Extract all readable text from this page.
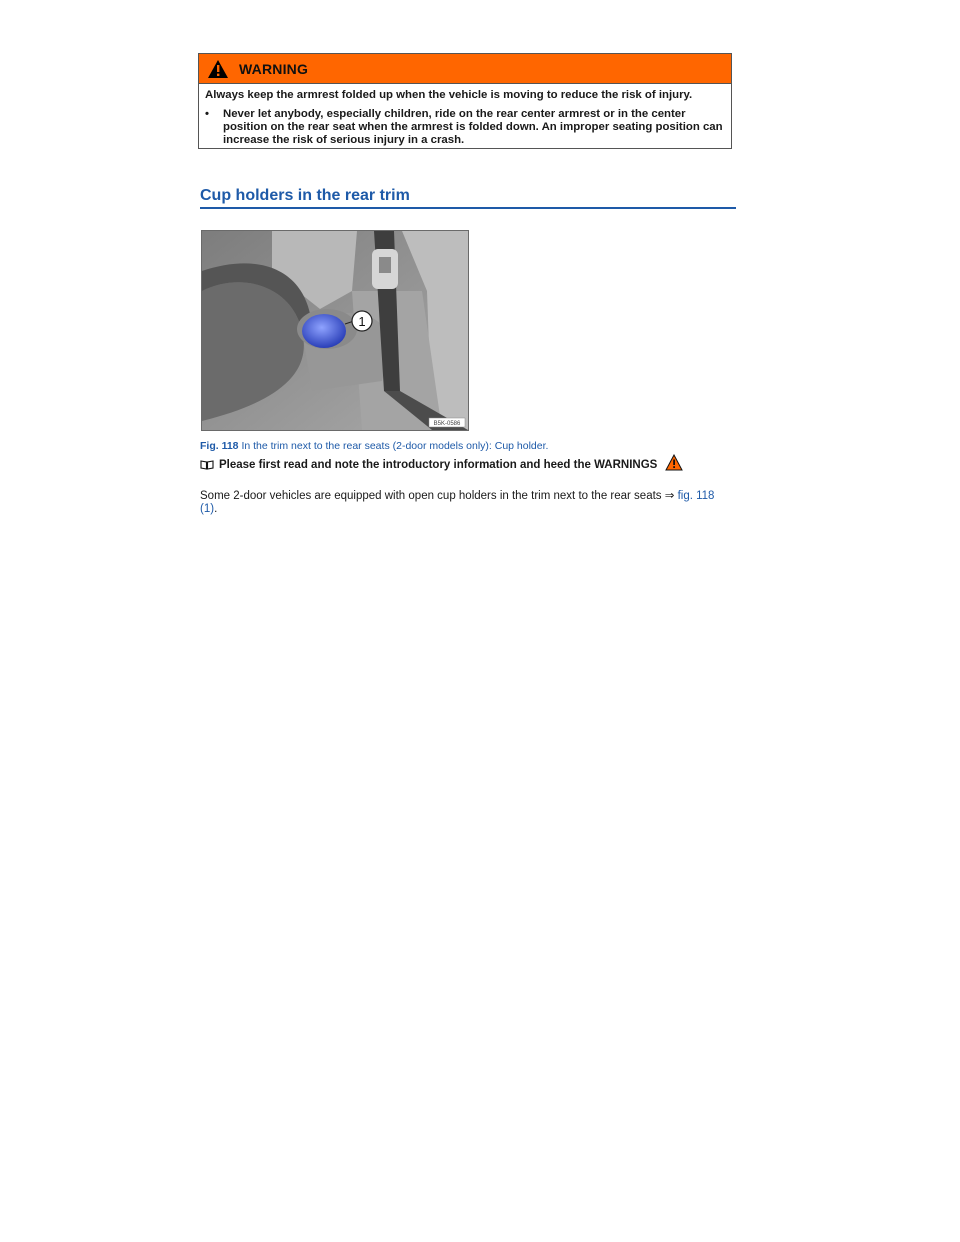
WARNING

Always keep the armrest folded up when the vehicle is moving to reduce the risk of injury.

•	Never let anybody, especially children, ride on the rear center armrest or in the center position on the rear seat when the armrest is folded down. An improper seating position can increase the risk of serious injury in a crash.
Cup holders in the rear trim
1
B5K-0586
Fig. 118 In the trim next to the rear seats (2-door models only): Cup holder.
Please first read and note the introductory information and heed the WARNINGS
Some 2-door vehicles are equipped with open cup holders in the trim next to the rear seats ⇒ fig. 118
(1).
